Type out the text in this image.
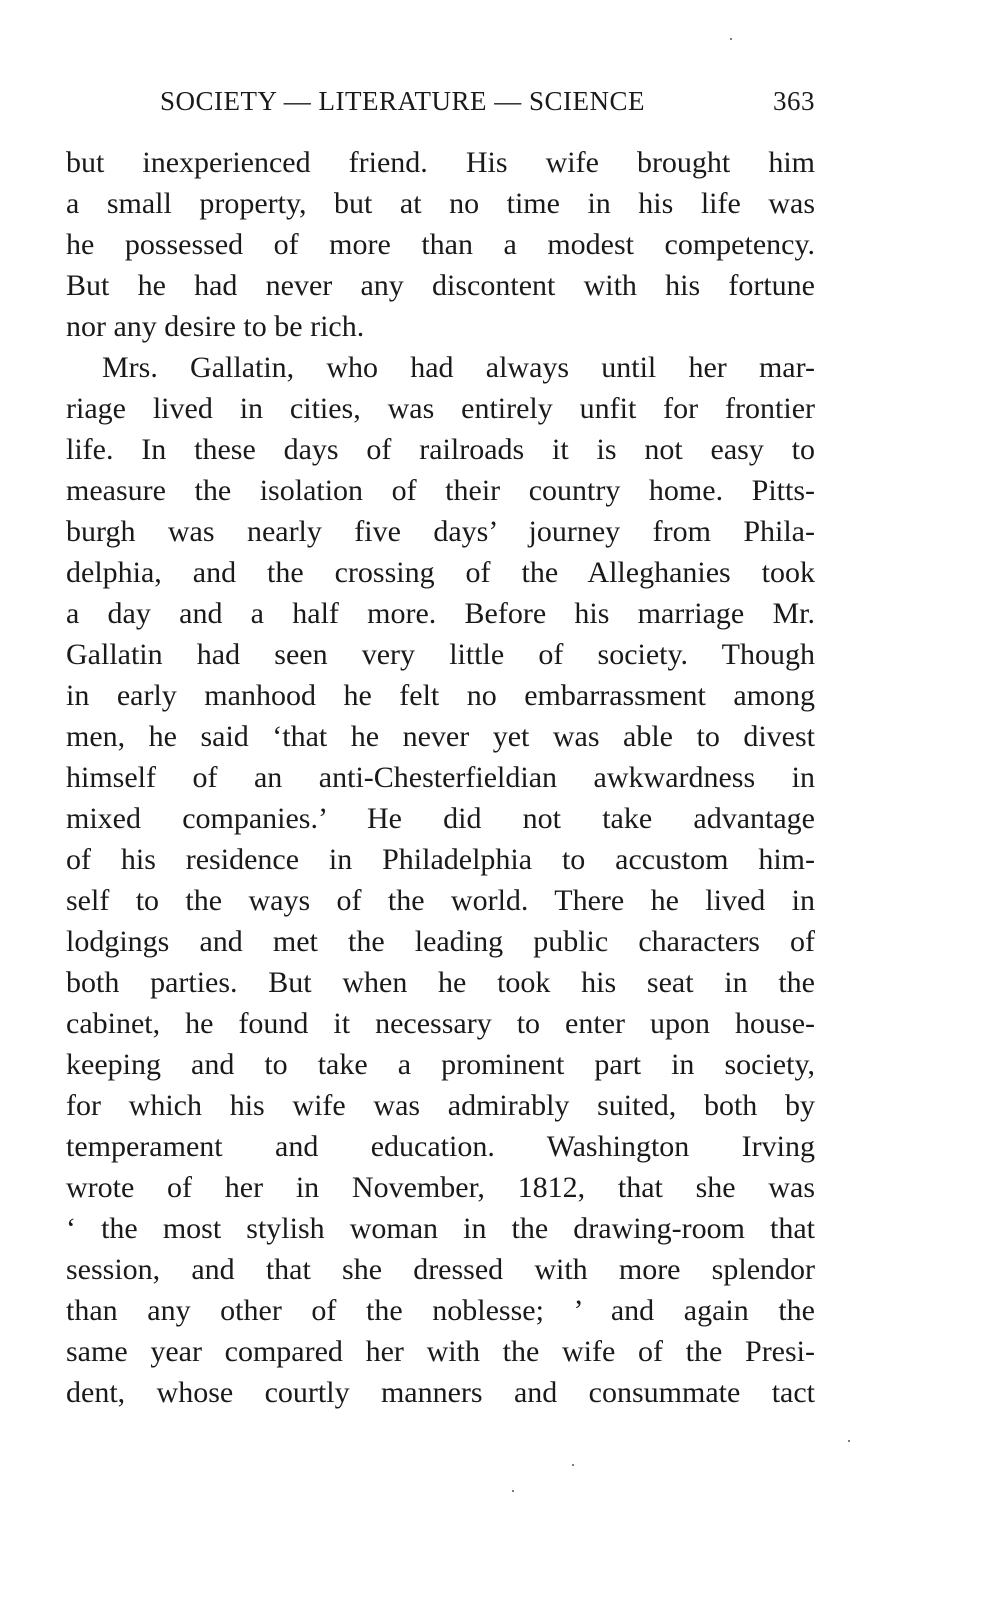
SOCIETY — LITERATURE — SCIENCE	363
but inexperienced friend. His wife brought him
a small property, but at no time in his life was
he possessed of more than a modest competency.
But he had never any discontent with his fortune
nor any desire to be rich.
Mrs. Gallatin, who had always until her mar-
riage lived in cities, was entirely unfit for frontier
life. In these days of railroads it is not easy to
measure the isolation of their country home. Pitts-
burgh was nearly five days’ journey from Phila-
delphia, and the crossing of the Alleghanies took
a day and a half more. Before his marriage Mr.
Gallatin had seen very little of society. Though
in early manhood he felt no embarrassment among
men, he said ‘that he never yet was able to divest
himself of an anti-Chesterfieldian awkwardness in
mixed companies.’ He did not take advantage
of his residence in Philadelphia to accustom him-
self to the ways of the world. There he lived in
lodgings and met the leading public characters of
both parties. But when he took his seat in the
cabinet, he found it necessary to enter upon house-
keeping and to take a prominent part in society,
for which his wife was admirably suited, both by
temperament and education. Washington Irving
wrote of her in November, 1812, that she was
‘ the most stylish woman in the drawing-room that
session, and that she dressed with more splendor
than any other of the noblesse; ’ and again the
same year compared her with the wife of the Presi-
dent, whose courtly manners and consummate tact
